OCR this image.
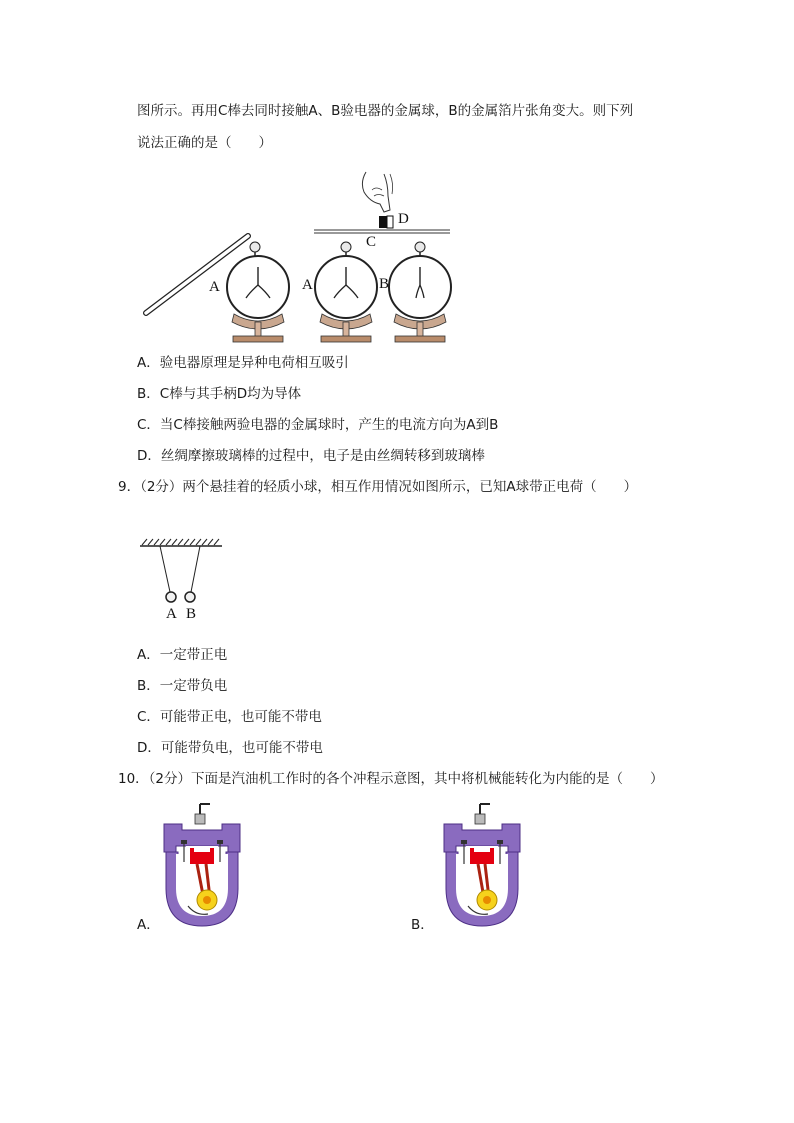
图所示。再用C棒去同时接触A、B验电器的金属球，B的金属箔片张角变大。则下列
说法正确的是（　　）
A
D
C
A	B
A．验电器原理是异种电荷相互吸引
B．C棒与其手柄D均为导体
C．当C棒接触两验电器的金属球时，产生的电流方向为A到B
D．丝绸摩擦玻璃棒的过程中，电子是由丝绸转移到玻璃棒
9．（2分）两个悬挂着的轻质小球，相互作用情况如图所示，已知A球带正电荷（　　）
A B
A．一定带正电
B．一定带负电
C．可能带正电，也可能不带电
D．可能带负电，也可能不带电
10．（2分）下面是汽油机工作时的各个冲程示意图，其中将机械能转化为内能的是（　　）
A．	B．
